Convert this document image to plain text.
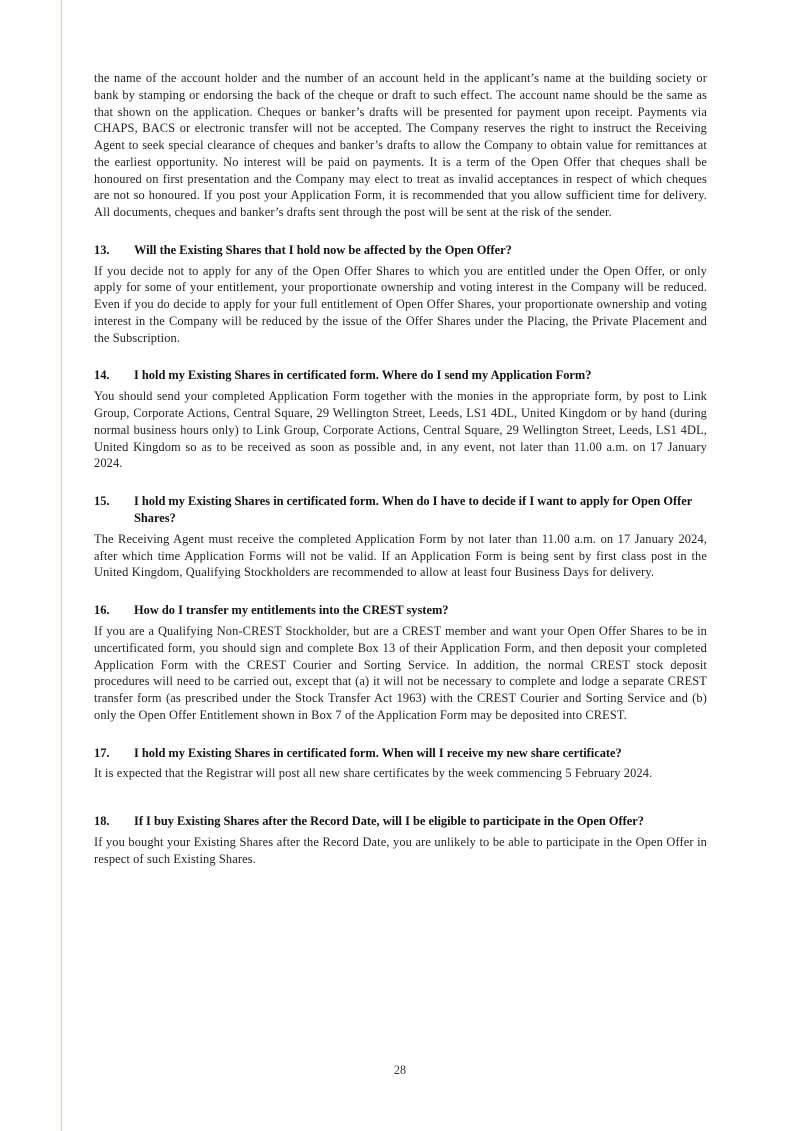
the name of the account holder and the number of an account held in the applicant’s name at the building society or bank by stamping or endorsing the back of the cheque or draft to such effect. The account name should be the same as that shown on the application. Cheques or banker’s drafts will be presented for payment upon receipt. Payments via CHAPS, BACS or electronic transfer will not be accepted. The Company reserves the right to instruct the Receiving Agent to seek special clearance of cheques and banker’s drafts to allow the Company to obtain value for remittances at the earliest opportunity. No interest will be paid on payments. It is a term of the Open Offer that cheques shall be honoured on first presentation and the Company may elect to treat as invalid acceptances in respect of which cheques are not so honoured. If you post your Application Form, it is recommended that you allow sufficient time for delivery. All documents, cheques and banker’s drafts sent through the post will be sent at the risk of the sender.

13. Will the Existing Shares that I hold now be affected by the Open Offer?

If you decide not to apply for any of the Open Offer Shares to which you are entitled under the Open Offer, or only apply for some of your entitlement, your proportionate ownership and voting interest in the Company will be reduced. Even if you do decide to apply for your full entitlement of Open Offer Shares, your proportionate ownership and voting interest in the Company will be reduced by the issue of the Offer Shares under the Placing, the Private Placement and the Subscription.

14. I hold my Existing Shares in certificated form. Where do I send my Application Form?

You should send your completed Application Form together with the monies in the appropriate form, by post to Link Group, Corporate Actions, Central Square, 29 Wellington Street, Leeds, LS1 4DL, United Kingdom or by hand (during normal business hours only) to Link Group, Corporate Actions, Central Square, 29 Wellington Street, Leeds, LS1 4DL, United Kingdom so as to be received as soon as possible and, in any event, not later than 11.00 a.m. on 17 January 2024.

15. I hold my Existing Shares in certificated form. When do I have to decide if I want to apply for Open Offer Shares?

The Receiving Agent must receive the completed Application Form by not later than 11.00 a.m. on 17 January 2024, after which time Application Forms will not be valid. If an Application Form is being sent by first class post in the United Kingdom, Qualifying Stockholders are recommended to allow at least four Business Days for delivery.

16. How do I transfer my entitlements into the CREST system?

If you are a Qualifying Non-CREST Stockholder, but are a CREST member and want your Open Offer Shares to be in uncertificated form, you should sign and complete Box 13 of their Application Form, and then deposit your completed Application Form with the CREST Courier and Sorting Service. In addition, the normal CREST stock deposit procedures will need to be carried out, except that (a) it will not be necessary to complete and lodge a separate CREST transfer form (as prescribed under the Stock Transfer Act 1963) with the CREST Courier and Sorting Service and (b) only the Open Offer Entitlement shown in Box 7 of the Application Form may be deposited into CREST.

17. I hold my Existing Shares in certificated form. When will I receive my new share certificate?

It is expected that the Registrar will post all new share certificates by the week commencing 5 February 2024.

18. If I buy Existing Shares after the Record Date, will I be eligible to participate in the Open Offer?

If you bought your Existing Shares after the Record Date, you are unlikely to be able to participate in the Open Offer in respect of such Existing Shares.

28
